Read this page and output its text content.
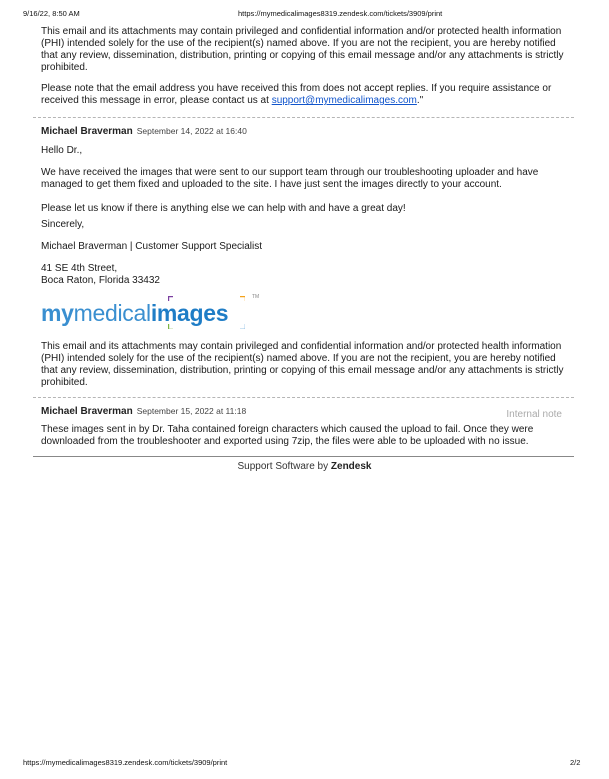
9/16/22, 8:50 AM	https://mymedicalimages8319.zendesk.com/tickets/3909/print

This email and its attachments may contain privileged and confidential information and/or protected health information (PHI) intended solely for the use of the recipient(s) named above. If you are not the recipient, you are hereby notified that any review, dissemination, distribution, printing or copying of this email message and/or any attachments is strictly prohibited.

Please note that the email address you have received this from does not accept replies. If you require assistance or received this message in error, please contact us at support@mymedicalimages.com."

Michael Braverman September 14, 2022 at 16:40

Hello Dr.,

We have received the images that were sent to our support team through our troubleshooting uploader and have managed to get them fixed and uploaded to the site. I have just sent the images directly to your account.

Please let us know if there is anything else we can help with and have a great day!

Sincerely,

Michael Braverman | Customer Support Specialist

41 SE 4th Street,

Boca Raton, Florida 33432

mymedicalimages
TM

This email and its attachments may contain privileged and confidential information and/or protected health information (PHI) intended solely for the use of the recipient(s) named above. If you are not the recipient, you are hereby notified that any review, dissemination, distribution, printing or copying of this email message and/or any attachments is strictly prohibited.

Michael Braverman September 15, 2022 at 11:18	Internal note

These images sent in by Dr. Taha contained foreign characters which caused the upload to fail. Once they were downloaded from the troubleshooter and exported using 7zip, the files were able to be uploaded with no issue.

Support Software by Zendesk
https://mymedicalimages8319.zendesk.com/tickets/3909/print	2/2
